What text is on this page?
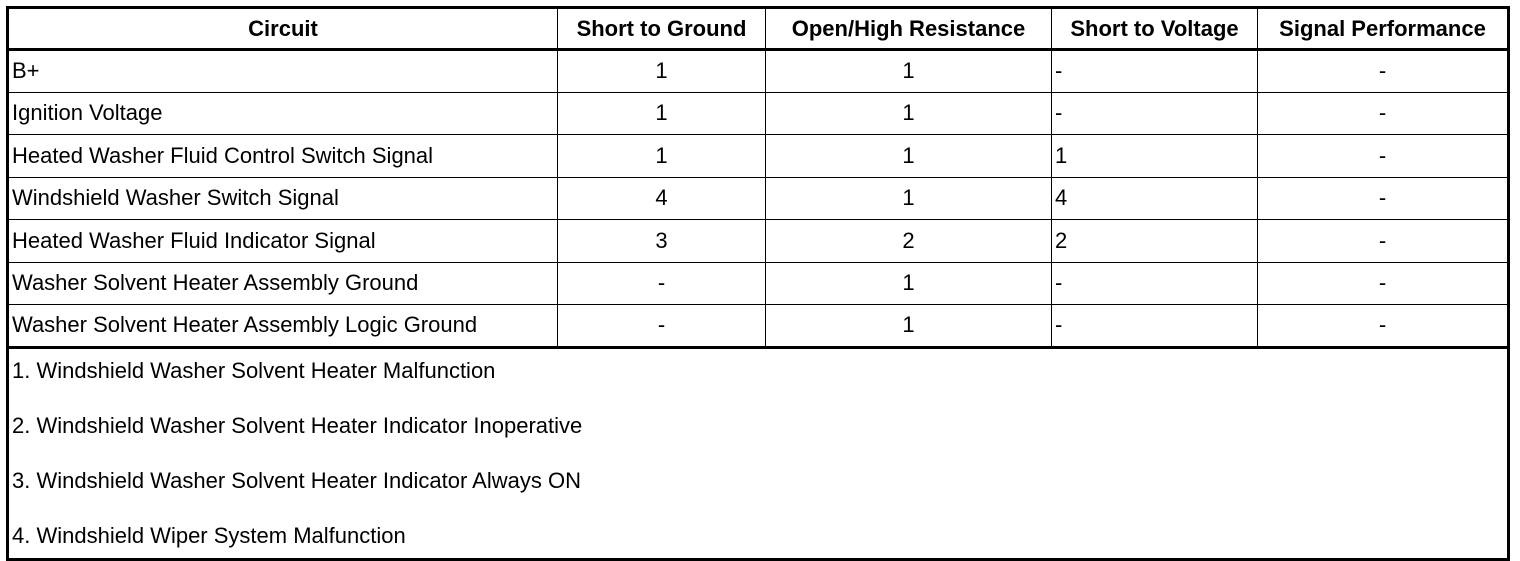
Circuit	Short to Ground	Open/High Resistance	Short to Voltage	Signal Performance
B+	1	1	-	-
Ignition Voltage	1	1	-	-
Heated Washer Fluid Control Switch Signal	1	1	1	-
Windshield Washer Switch Signal	4	1	4	-
Heated Washer Fluid Indicator Signal	3	2	2	-
Washer Solvent Heater Assembly Ground	-	1	-	-
Washer Solvent Heater Assembly Logic Ground	-	1	-	-

1. Windshield Washer Solvent Heater Malfunction
2. Windshield Washer Solvent Heater Indicator Inoperative
3. Windshield Washer Solvent Heater Indicator Always ON
4. Windshield Wiper System Malfunction				
